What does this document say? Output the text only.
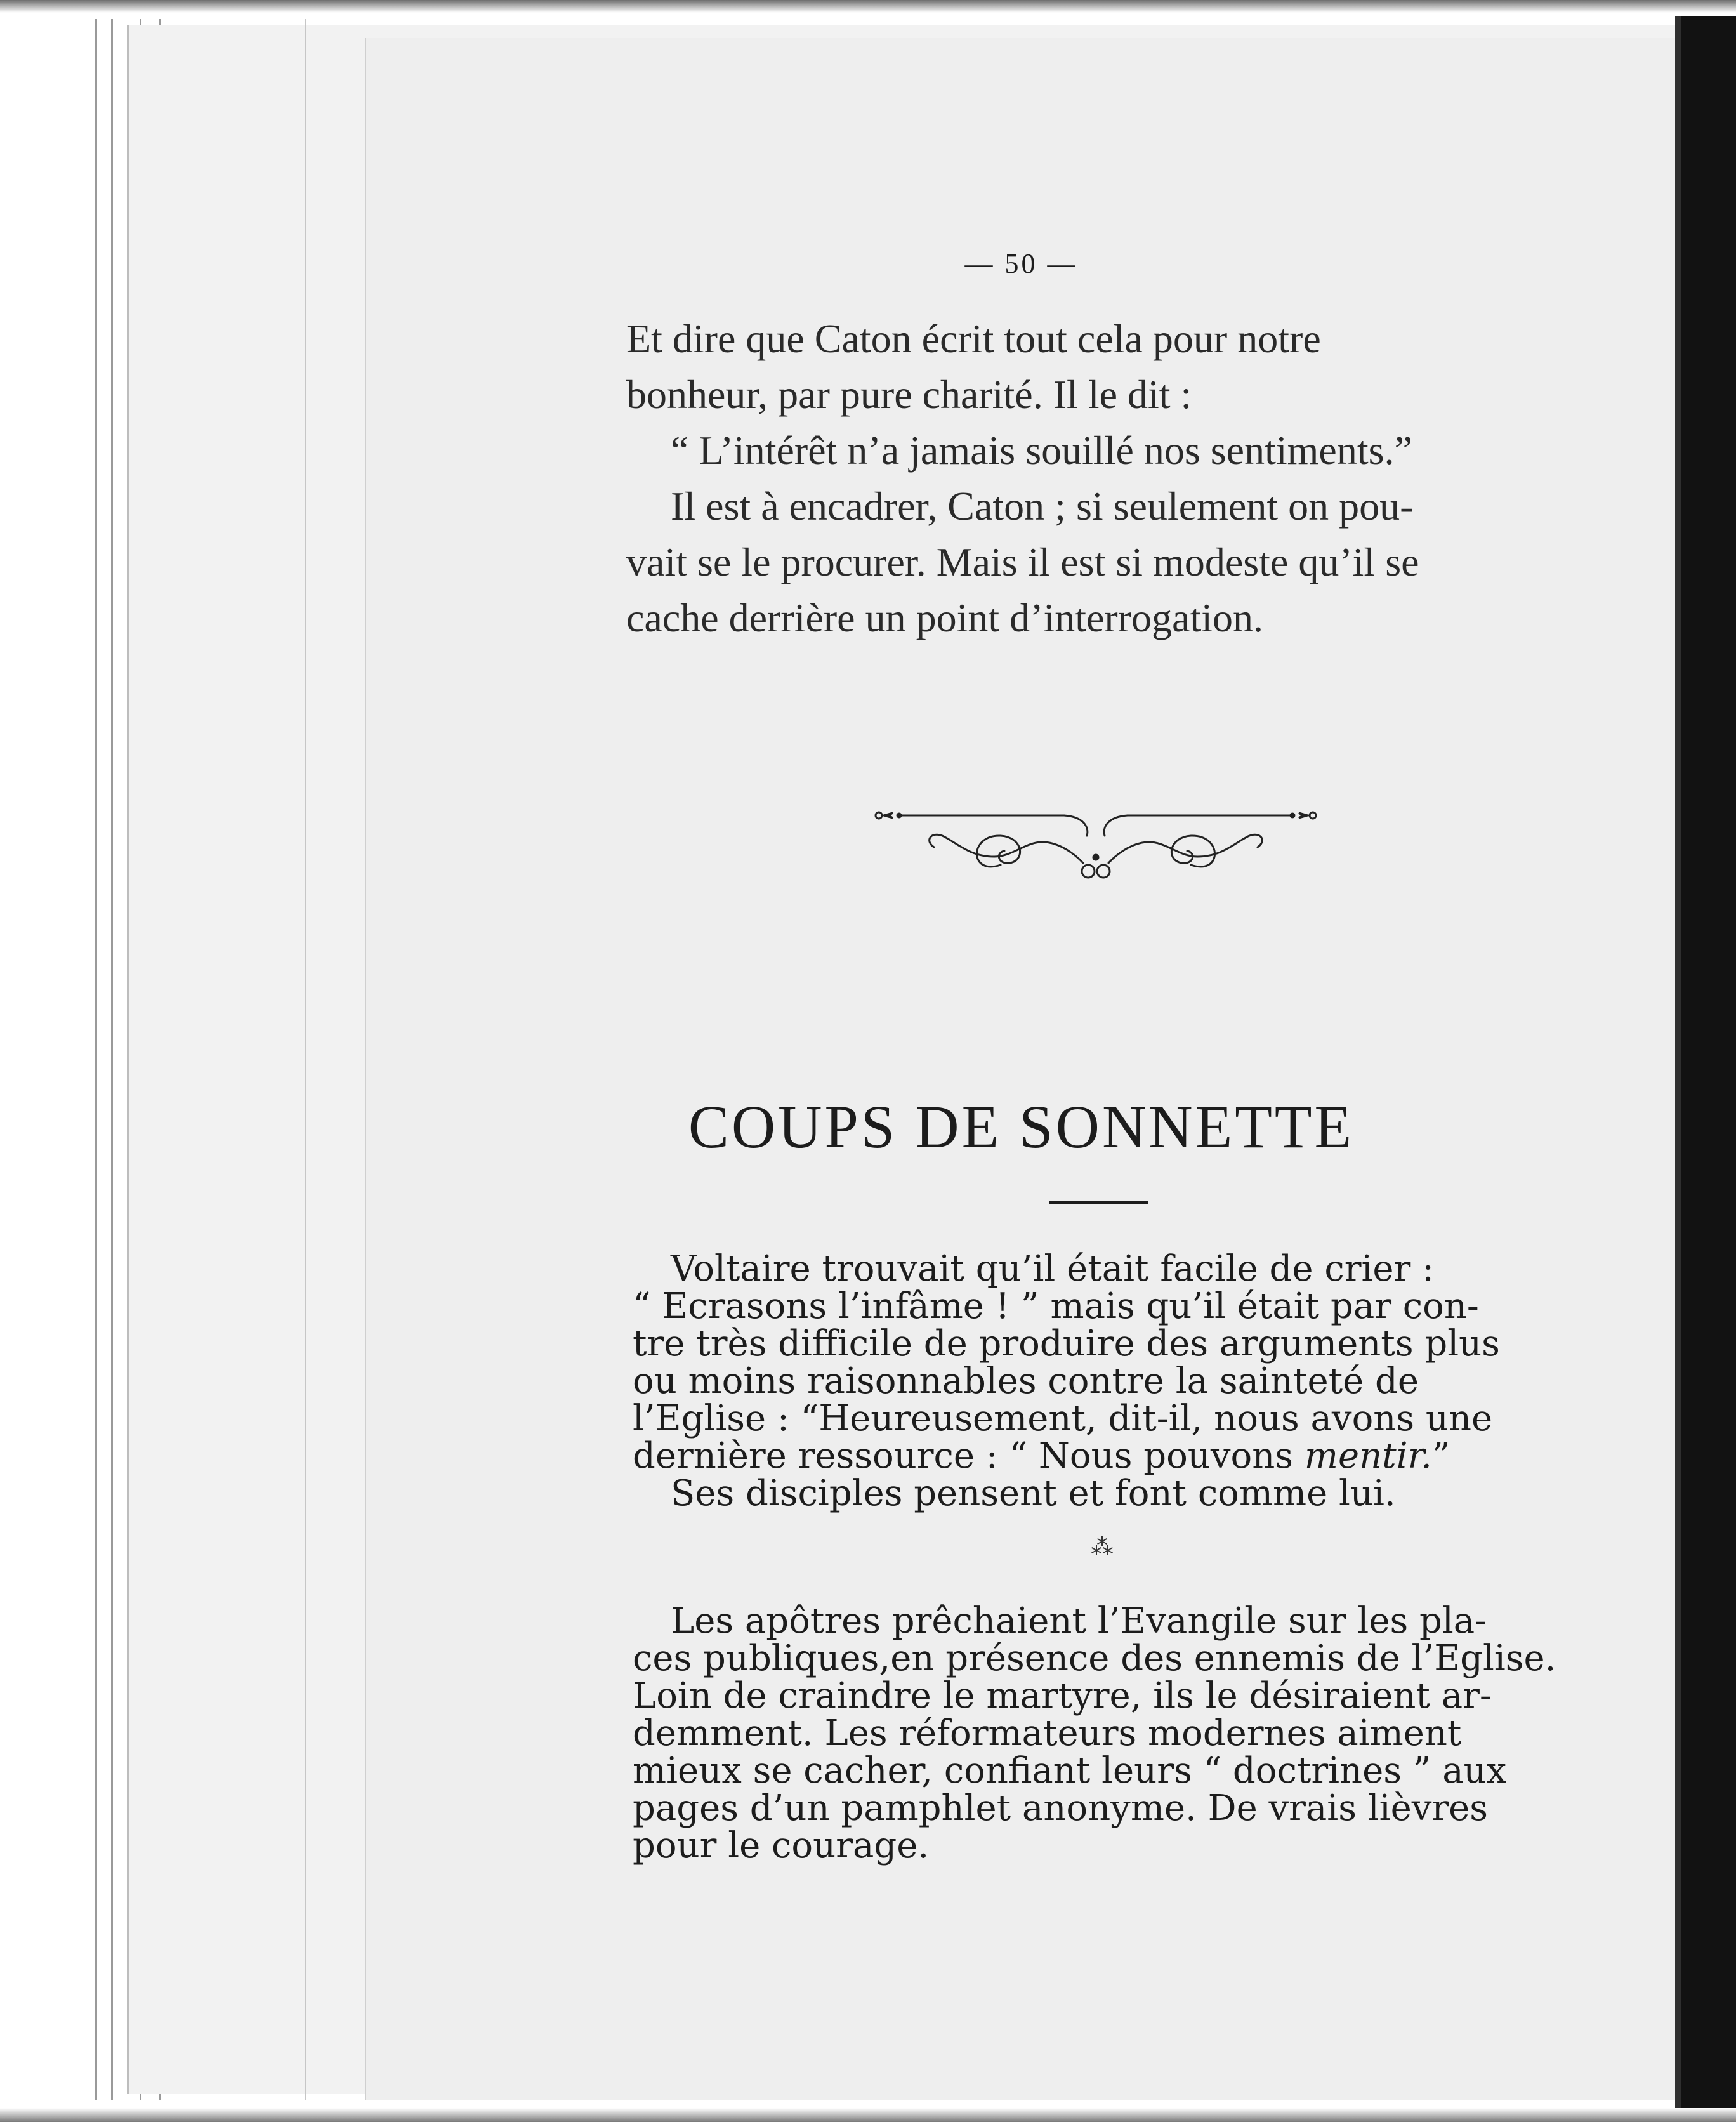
— 50 —
Et dire que Caton écrit tout cela pour notre
bonheur, par pure charité. Il le dit :
“ L’intérêt n’a jamais souillé nos sentiments.”
Il est à encadrer, Caton ; si seulement on pou-
vait se le procurer. Mais il est si modeste qu’il se
cache derrière un point d’interrogation.
COUPS DE SONNETTE
Voltaire trouvait qu’il était facile de crier :
“ Ecrasons l’infâme ! ” mais qu’il était par con-
tre très difficile de produire des arguments plus
ou moins raisonnables contre la sainteté de
l’Eglise : “Heureusement, dit-il, nous avons une
dernière ressource : “ Nous pouvons mentir.”
Ses disciples pensent et font comme lui.
⁂
Les apôtres prêchaient l’Evangile sur les pla-
ces publiques,en présence des ennemis de l’Eglise.
Loin de craindre le martyre, ils le désiraient ar-
demment. Les réformateurs modernes aiment
mieux se cacher, confiant leurs “ doctrines ” aux
pages d’un pamphlet anonyme. De vrais lièvres
pour le courage.
